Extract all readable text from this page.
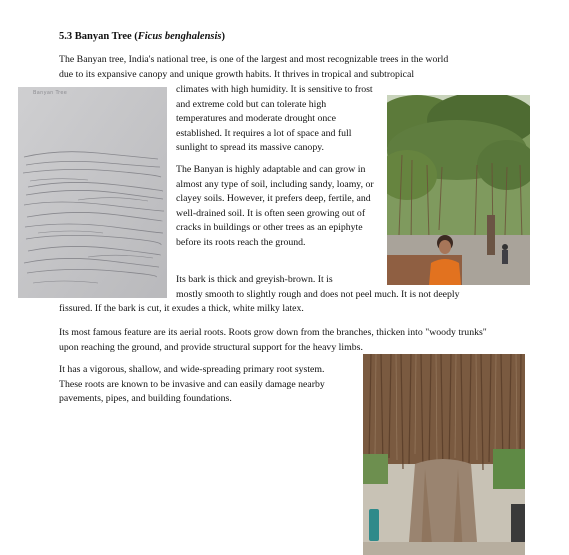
5.3 Banyan Tree (Ficus benghalensis)

The Banyan tree, India's national tree, is one of the largest and most recognizable trees in the world

due to its expansive canopy and unique growth habits. It thrives in tropical and subtropical

climates with high humidity. It is sensitive to frost and extreme cold but can tolerate high temperatures and moderate drought once established. It requires a lot of space and full sunlight to spread its massive canopy.

The Banyan is highly adaptable and can grow in almost any type of soil, including sandy, loamy, or clayey soils. However, it prefers deep, fertile, and well-drained soil. It is often seen growing out of cracks in buildings or other trees as an epiphyte before its roots reach the ground.

Its bark is thick and greyish-brown. It is

mostly smooth to slightly rough and does not peel much. It is not deeply

fissured. If the bark is cut, it exudes a thick, white milky latex.

Its most famous feature are its aerial roots. Roots grow down from the branches, thicken into "woody trunks" upon reaching the ground, and provide structural support for the heavy limbs.

It has a vigorous, shallow, and wide-spreading primary root system. These roots are known to be invasive and can easily damage nearby pavements, pipes, and building foundations.

Banyan Tree
